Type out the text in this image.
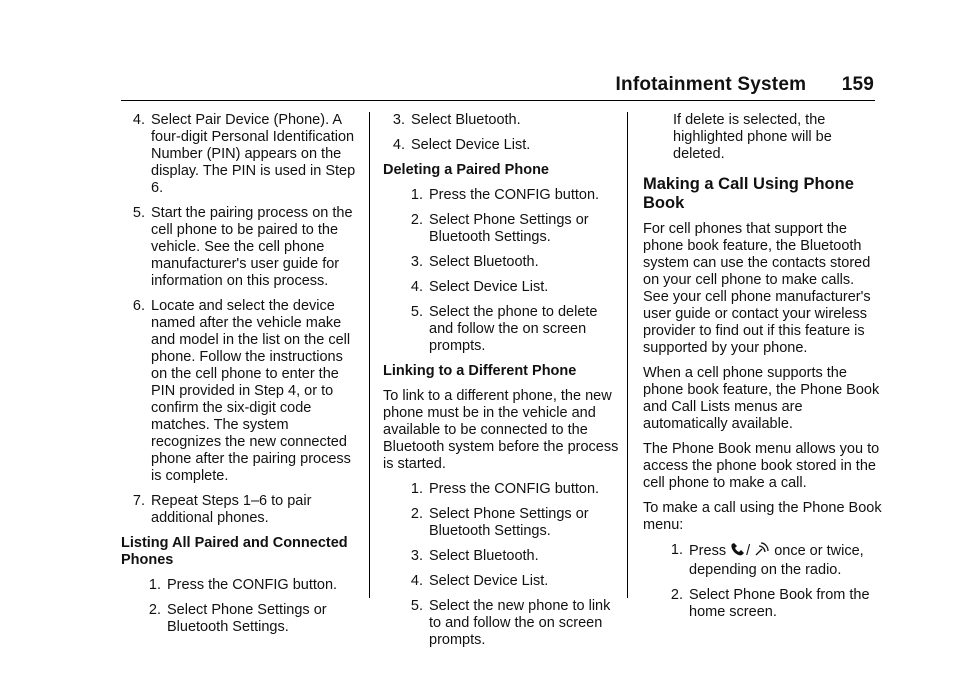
Infotainment System 159
4. Select Pair Device (Phone). A four-digit Personal Identification Number (PIN) appears on the display. The PIN is used in Step 6.
5. Start the pairing process on the cell phone to be paired to the vehicle. See the cell phone manufacturer's user guide for information on this process.
6. Locate and select the device named after the vehicle make and model in the list on the cell phone. Follow the instructions on the cell phone to enter the PIN provided in Step 4, or to confirm the six-digit code matches. The system recognizes the new connected phone after the pairing process is complete.
7. Repeat Steps 1–6 to pair additional phones.
Listing All Paired and Connected Phones
1. Press the CONFIG button.
2. Select Phone Settings or Bluetooth Settings.
3. Select Bluetooth.
4. Select Device List.
Deleting a Paired Phone
1. Press the CONFIG button.
2. Select Phone Settings or Bluetooth Settings.
3. Select Bluetooth.
4. Select Device List.
5. Select the phone to delete and follow the on screen prompts.
Linking to a Different Phone
To link to a different phone, the new phone must be in the vehicle and available to be connected to the Bluetooth system before the process is started.
1. Press the CONFIG button.
2. Select Phone Settings or Bluetooth Settings.
3. Select Bluetooth.
4. Select Device List.
5. Select the new phone to link to and follow the on screen prompts.
If delete is selected, the highlighted phone will be deleted.
Making a Call Using Phone Book
For cell phones that support the phone book feature, the Bluetooth system can use the contacts stored on your cell phone to make calls. See your cell phone manufacturer's user guide or contact your wireless provider to find out if this feature is supported by your phone.
When a cell phone supports the phone book feature, the Phone Book and Call Lists menus are automatically available.
The Phone Book menu allows you to access the phone book stored in the cell phone to make a call.
To make a call using the Phone Book menu:
1. Press / once or twice, depending on the radio.
2. Select Phone Book from the home screen.
